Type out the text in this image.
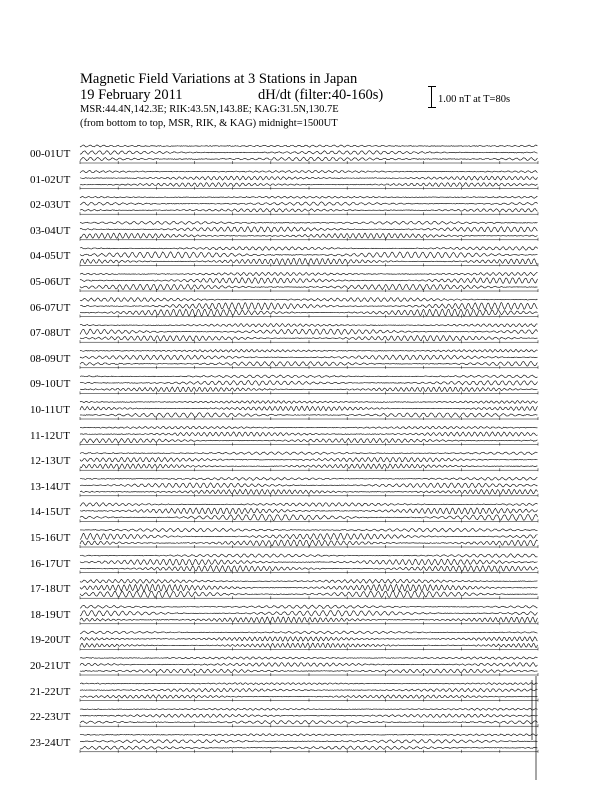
Magnetic Field Variations at 3 Stations in Japan
19 February 2011	dH/dt (filter:40-160s)
MSR:44.4N,142.3E; RIK:43.5N,143.8E; KAG:31.5N,130.7E
(from bottom to top, MSR, RIK, & KAG) midnight=1500UT
1.00 nT at T=80s
00-01UT
01-02UT
02-03UT
03-04UT
04-05UT
05-06UT
06-07UT
07-08UT
08-09UT
09-10UT
10-11UT
11-12UT
12-13UT
13-14UT
14-15UT
15-16UT
16-17UT
17-18UT
18-19UT
19-20UT
20-21UT
21-22UT
22-23UT
23-24UT
